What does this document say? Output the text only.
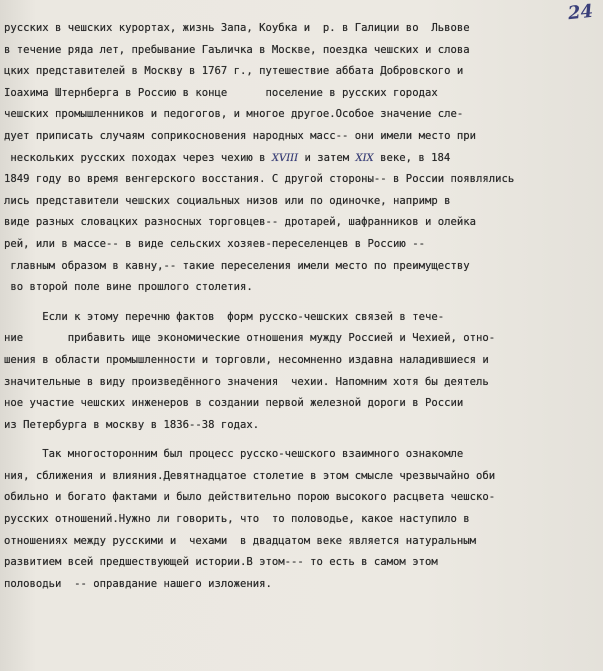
24
русских в чешских курортах, жизнь Запа, Коубка и  р. в Галиции во  Львове
в течение ряда лет, пребывание Гаъличка в Москве, поездка чешских и слова
цких представителей в Москву в 1767 г., путешествие аббата Добровского и
Іоахима Штернберга в Россию в конце      поселение в русских городах
чешских промышленников и педогогов, и многое другое.Особое значение сле-
дует приписать случаям соприкосновения народных масс-- они имели место при
нескольких русских походах через чехию в XVIII и затем XIX веке, в 184
1849 году во время венгерского восстания. С другой стороны-- в России появлялись
лись представители чешских социальных низов или по одиночке, напримр в
виде разных словацких разносных торговцев-- дротарей, шафранников и олейка
рей, или в массе-- в виде сельских хозяев-переселенцев в Россию --
главным образом в кавну,-- такие переселения имели место по преимуществу
во второй поле вине прошлого столетия.
Если к этому перечню фактов  форм русско-чешских связей в тече-
ние       прибавить ище экономические отношения мужду Россией и Чехией, отно-
шения в области промышленности и торговли, несомненно издавна наладившиеся и
значительные в виду произведённого значения  чехии. Напомним хотя бы деятель
ное участие чешских инженеров в создании первой железной дороги в России
из Петербурга в москву в 1836--38 годах.
Так многосторонним был процесс русско-чешского взаимного ознакомле
ния, сближения и влияния.Девятнадцатое столетие в этом смысле чрезвычайно оби
обильно и богато фактами и было действительно порою высокого расцвета чешско-
русских отношений.Нужно ли говорить, что  то половодье, какое наступило в
отношениях между русскими и  чехами  в двадцатом веке является натуральным
развитием всей предшествующей истории.В этом--- то есть в самом этом
половодьи  -- оправдание нашего изложения.
